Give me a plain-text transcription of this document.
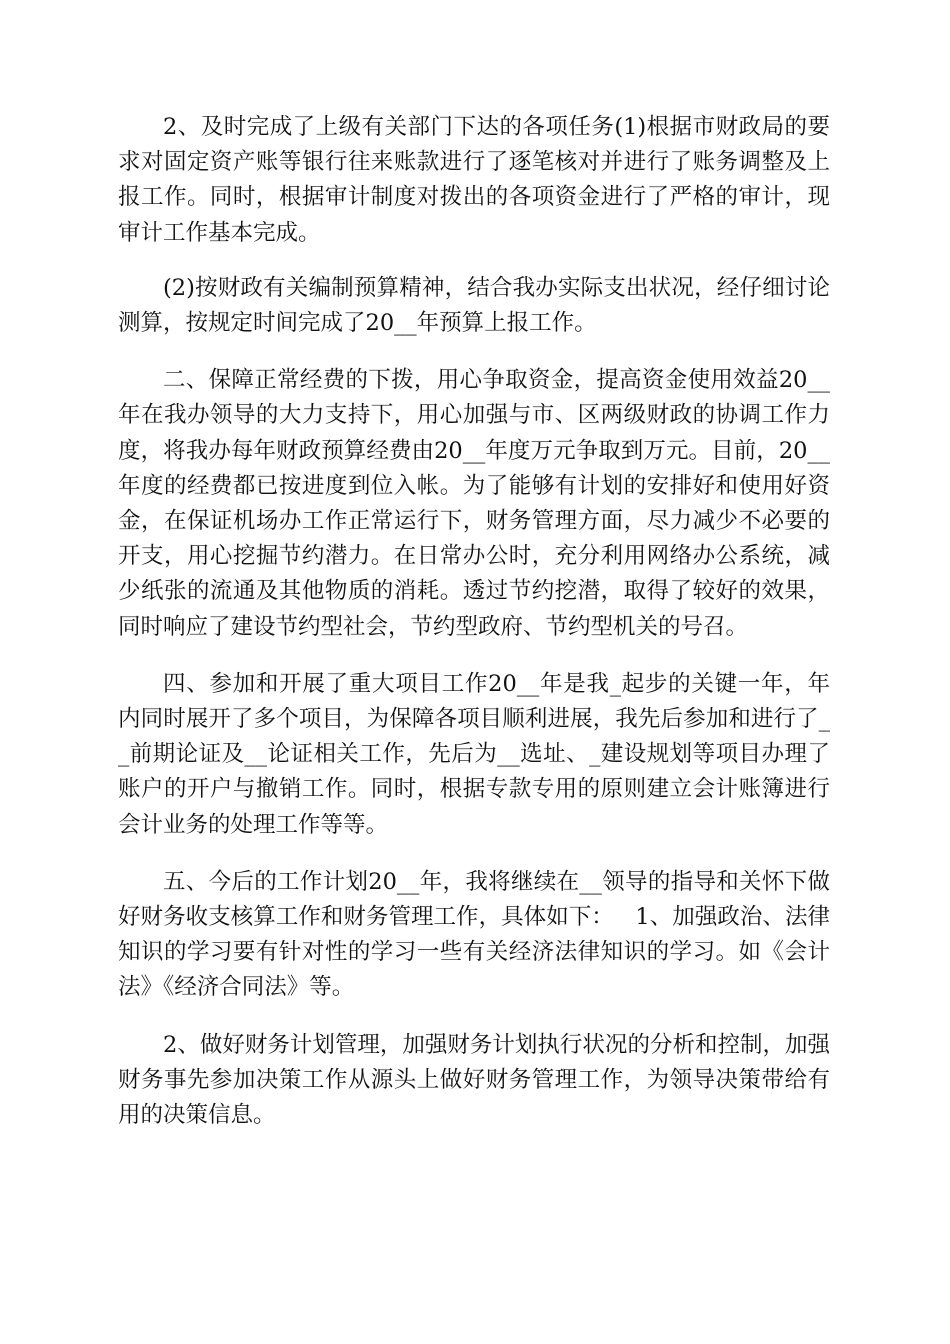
2、及时完成了上级有关部门下达的各项任务(1)根据市财政局的要求对固定资产账等银行往来账款进行了逐笔核对并进行了账务调整及上报工作。同时，根据审计制度对拨出的各项资金进行了严格的审计，现审计工作基本完成。

(2)按财政有关编制预算精神，结合我办实际支出状况，经仔细讨论测算，按规定时间完成了20__年预算上报工作。

二、保障正常经费的下拨，用心争取资金，提高资金使用效益20__年在我办领导的大力支持下，用心加强与市、区两级财政的协调工作力度，将我办每年财政预算经费由20__年度万元争取到万元。目前，20__年度的经费都已按进度到位入帐。为了能够有计划的安排好和使用好资金，在保证机场办工作正常运行下，财务管理方面，尽力减少不必要的开支，用心挖掘节约潜力。在日常办公时，充分利用网络办公系统，减少纸张的流通及其他物质的消耗。透过节约挖潜，取得了较好的效果，同时响应了建设节约型社会，节约型政府、节约型机关的号召。

四、参加和开展了重大项目工作20__年是我_起步的关键一年，年内同时展开了多个项目，为保障各项目顺利进展，我先后参加和进行了__前期论证及__论证相关工作，先后为__选址、_建设规划等项目办理了账户的开户与撤销工作。同时，根据专款专用的原则建立会计账簿进行会计业务的处理工作等等。

五、今后的工作计划20__年，我将继续在__领导的指导和关怀下做好财务收支核算工作和财务管理工作，具体如下：   1、加强政治、法律知识的学习要有针对性的学习一些有关经济法律知识的学习。如《会计法》《经济合同法》等。

2、做好财务计划管理，加强财务计划执行状况的分析和控制，加强财务事先参加决策工作从源头上做好财务管理工作，为领导决策带给有用的决策信息。
